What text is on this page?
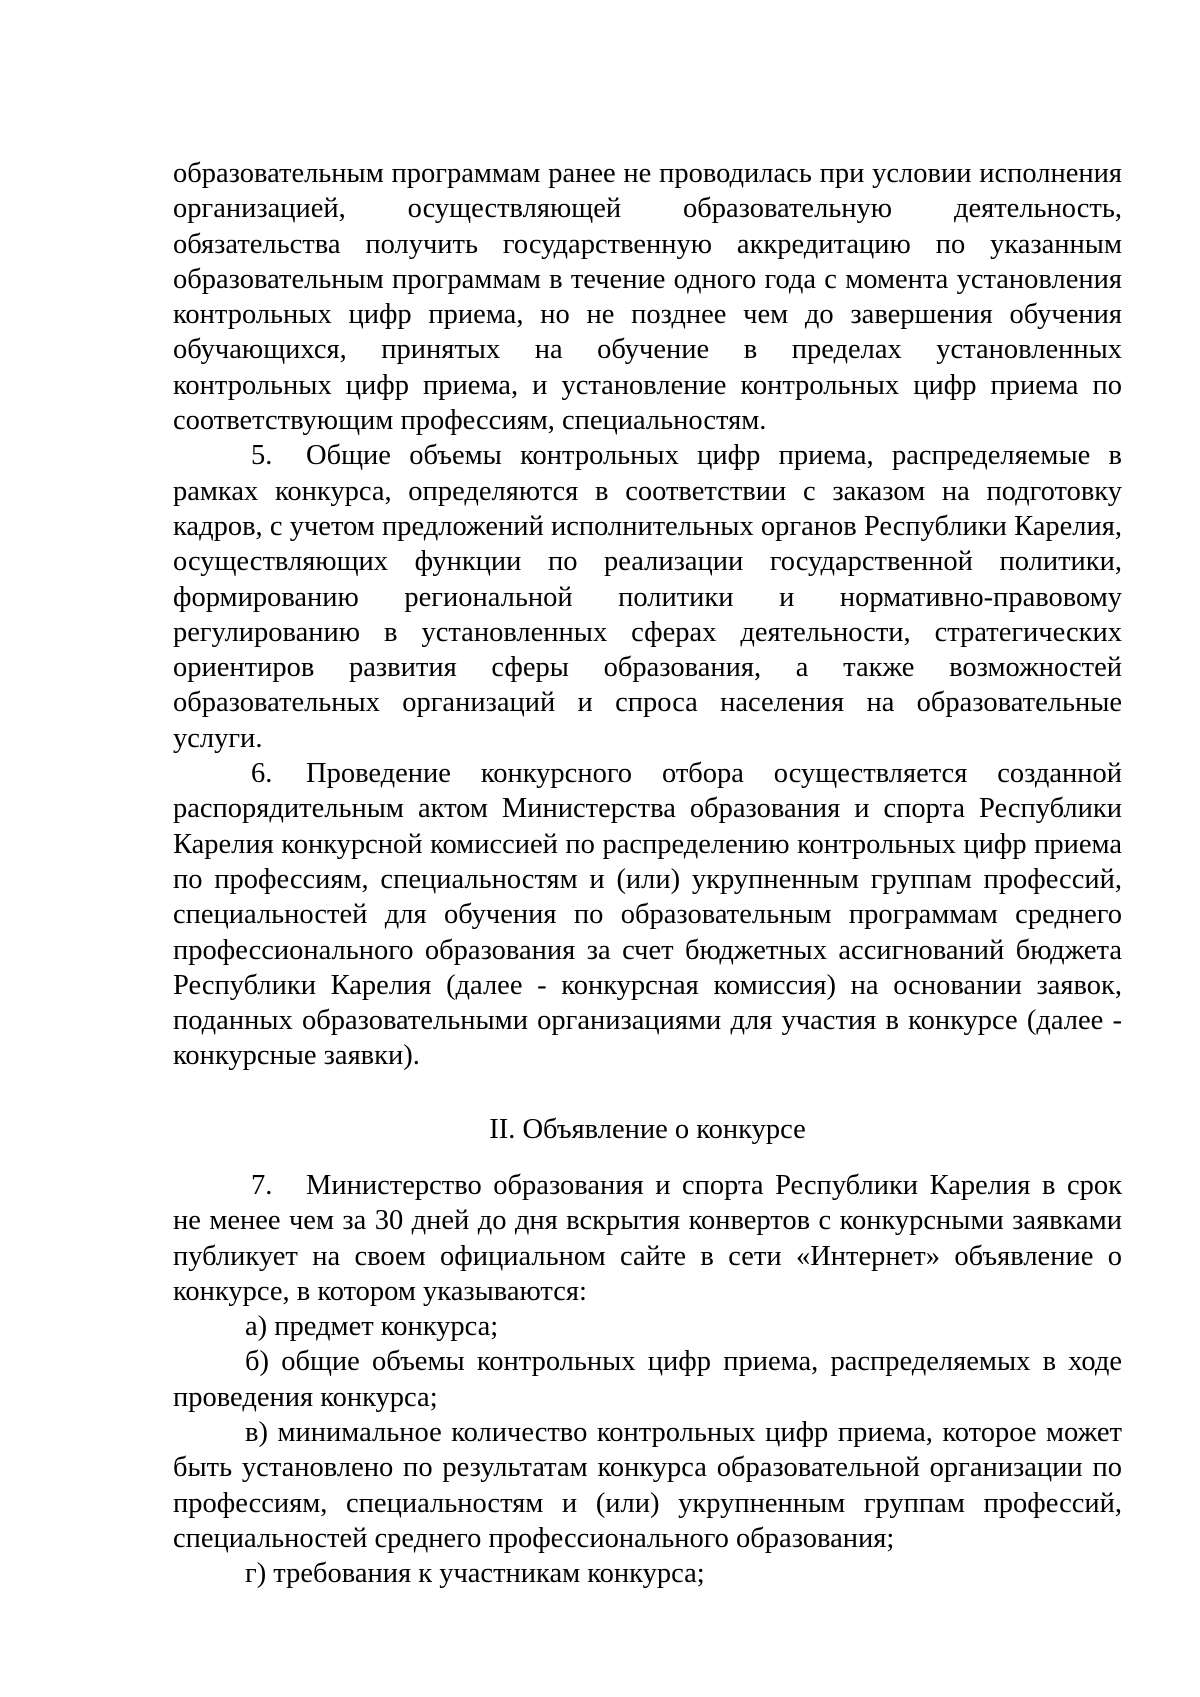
образовательным программам ранее не проводилась при условии исполнения организацией, осуществляющей образовательную деятельность, обязательства получить государственную аккредитацию по указанным образовательным программам в течение одного года с момента установления контрольных цифр приема, но не позднее чем до завершения обучения обучающихся, принятых на обучение в пределах установленных контрольных цифр приема, и установление контрольных цифр приема по соответствующим профессиям, специальностям.

5. Общие объемы контрольных цифр приема, распределяемые в рамках конкурса, определяются в соответствии с заказом на подготовку кадров, с учетом предложений исполнительных органов Республики Карелия, осуществляющих функции по реализации государственной политики, формированию региональной политики и нормативно-правовому регулированию в установленных сферах деятельности, стратегических ориентиров развития сферы образования, а также возможностей образовательных организаций и спроса населения на образовательные услуги.

6. Проведение конкурсного отбора осуществляется созданной распорядительным актом Министерства образования и спорта Республики Карелия конкурсной комиссией по распределению контрольных цифр приема по профессиям, специальностям и (или) укрупненным группам профессий, специальностей для обучения по образовательным программам среднего профессионального образования за счет бюджетных ассигнований бюджета Республики Карелия (далее - конкурсная комиссия) на основании заявок, поданных образовательными организациями для участия в конкурсе (далее - конкурсные заявки).

II. Объявление о конкурсе

7. Министерство образования и спорта Республики Карелия в срок не менее чем за 30 дней до дня вскрытия конвертов с конкурсными заявками публикует на своем официальном сайте в сети «Интернет» объявление о конкурсе, в котором указываются:

а) предмет конкурса;

б) общие объемы контрольных цифр приема, распределяемых в ходе проведения конкурса;

в) минимальное количество контрольных цифр приема, которое может быть установлено по результатам конкурса образовательной организации по профессиям, специальностям и (или) укрупненным группам профессий, специальностей среднего профессионального образования;

г) требования к участникам конкурса;
